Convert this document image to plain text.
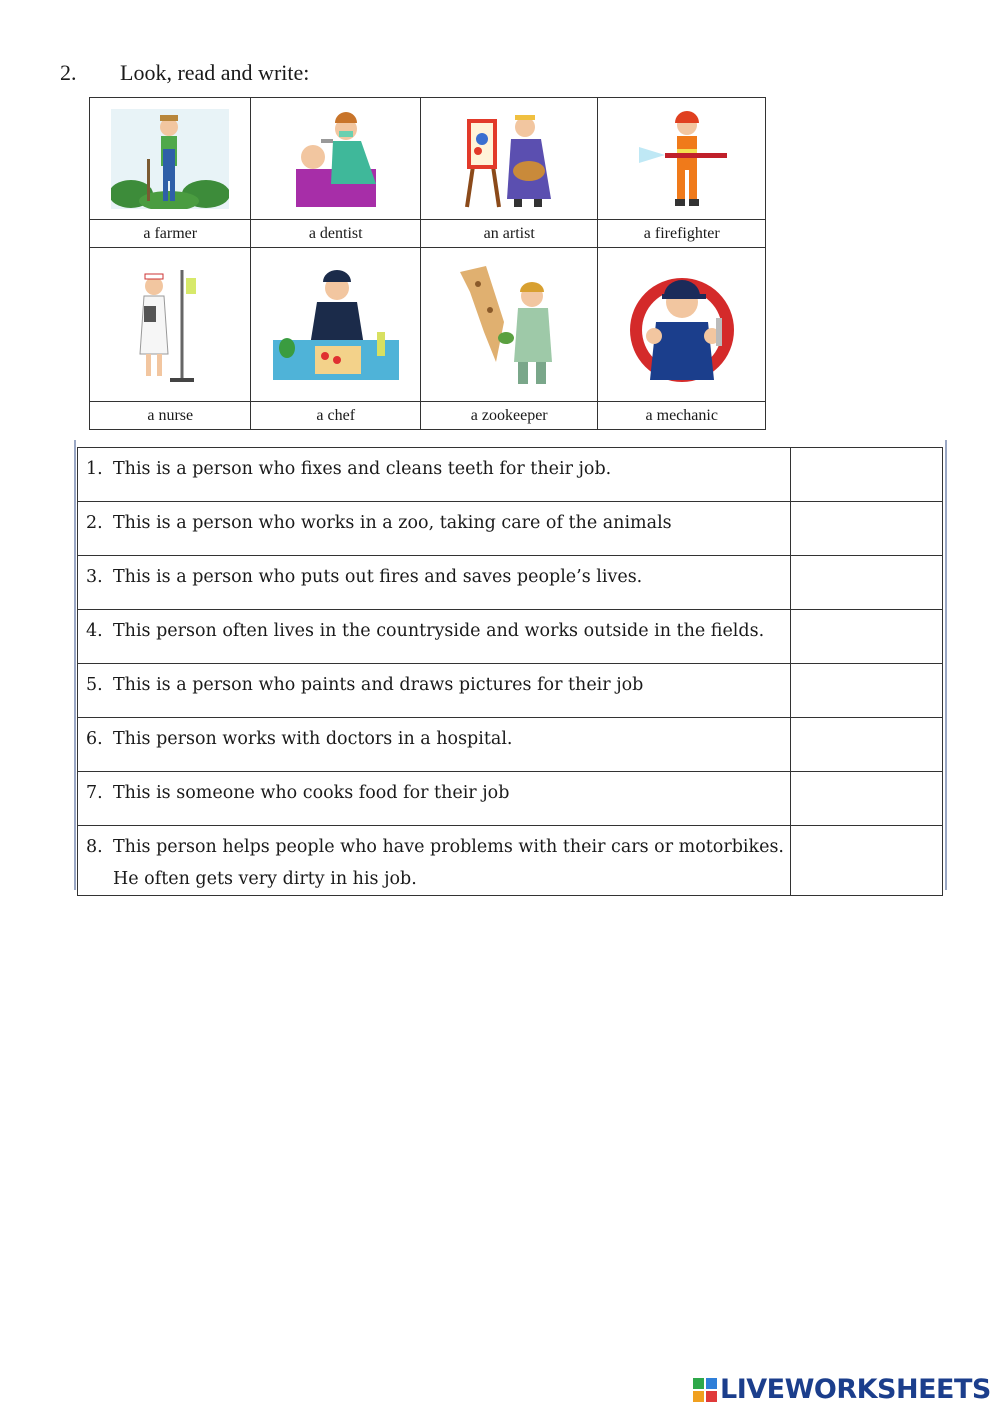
2. Look, read and write:

a farmer	a dentist	an artist	a firefighter

a nurse	a chef	a zookeeper	a mechanic
1. This is a person who fixes and cleans teeth for their job.	
2. This is a person who works in a zoo, taking care of the animals	
3. This is a person who puts out fires and saves people’s lives.	
4. This person often lives in the countryside and works outside in the fields.	
5. This is a person who paints and draws pictures for their job	
6. This person works with doctors in a hospital.	
7. This is someone who cooks food for their job	
8. This person helps people who have problems with their cars or motorbikes.
He often gets very dirty in his job.	

LIVEWORKSHEETS
